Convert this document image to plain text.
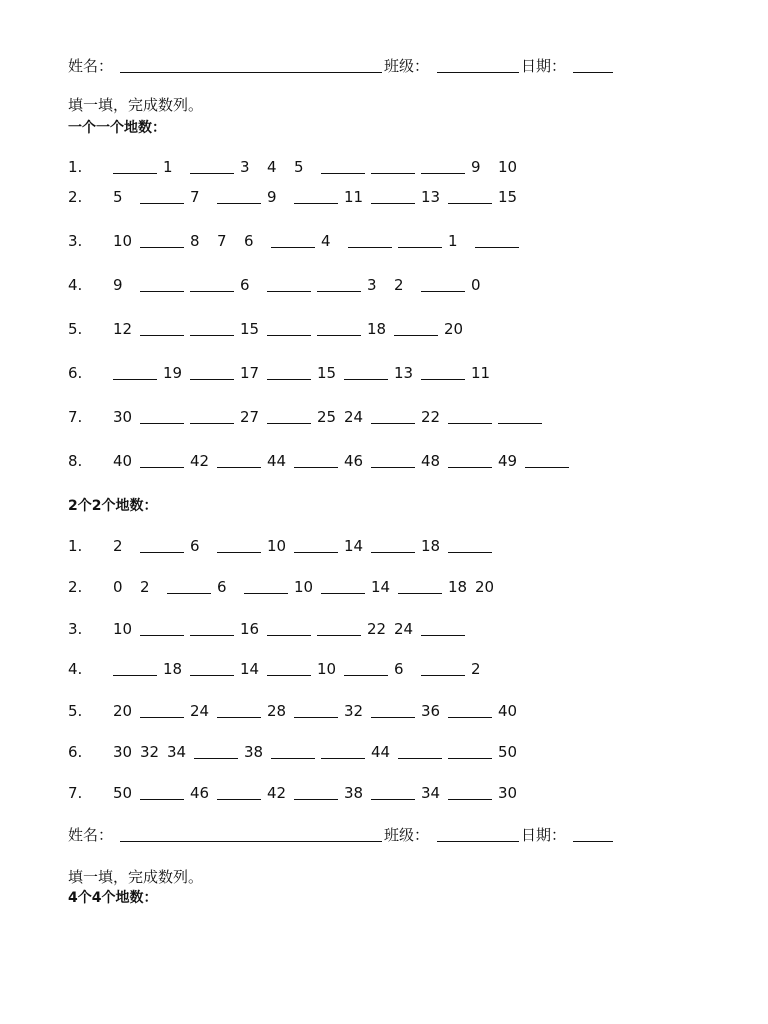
姓名：	班级：	日期：
填一填，完成数列。
一个一个地数：
1.	1	3 4 5	9 10
2. 5	7	9	11	13	15
3. 10	8 7 6	4	1
4. 9	6	3 2	0
5. 12	15	18	20
6.	19	17	15	13	11
7. 30	27	25 24	22
8. 40	42	44	46	48	49
2个2个地数：
1. 2	6	10	14	18
2. 0 2	6	10	14	18 20
3. 10	16	22 24
4.	18	14	10	6	2
5. 20	24	28	32	36	40
6. 30 32 34	38	44	50
7. 50	46	42	38	34	30
姓名：	班级：	日期：
填一填，完成数列。
4个4个地数：
